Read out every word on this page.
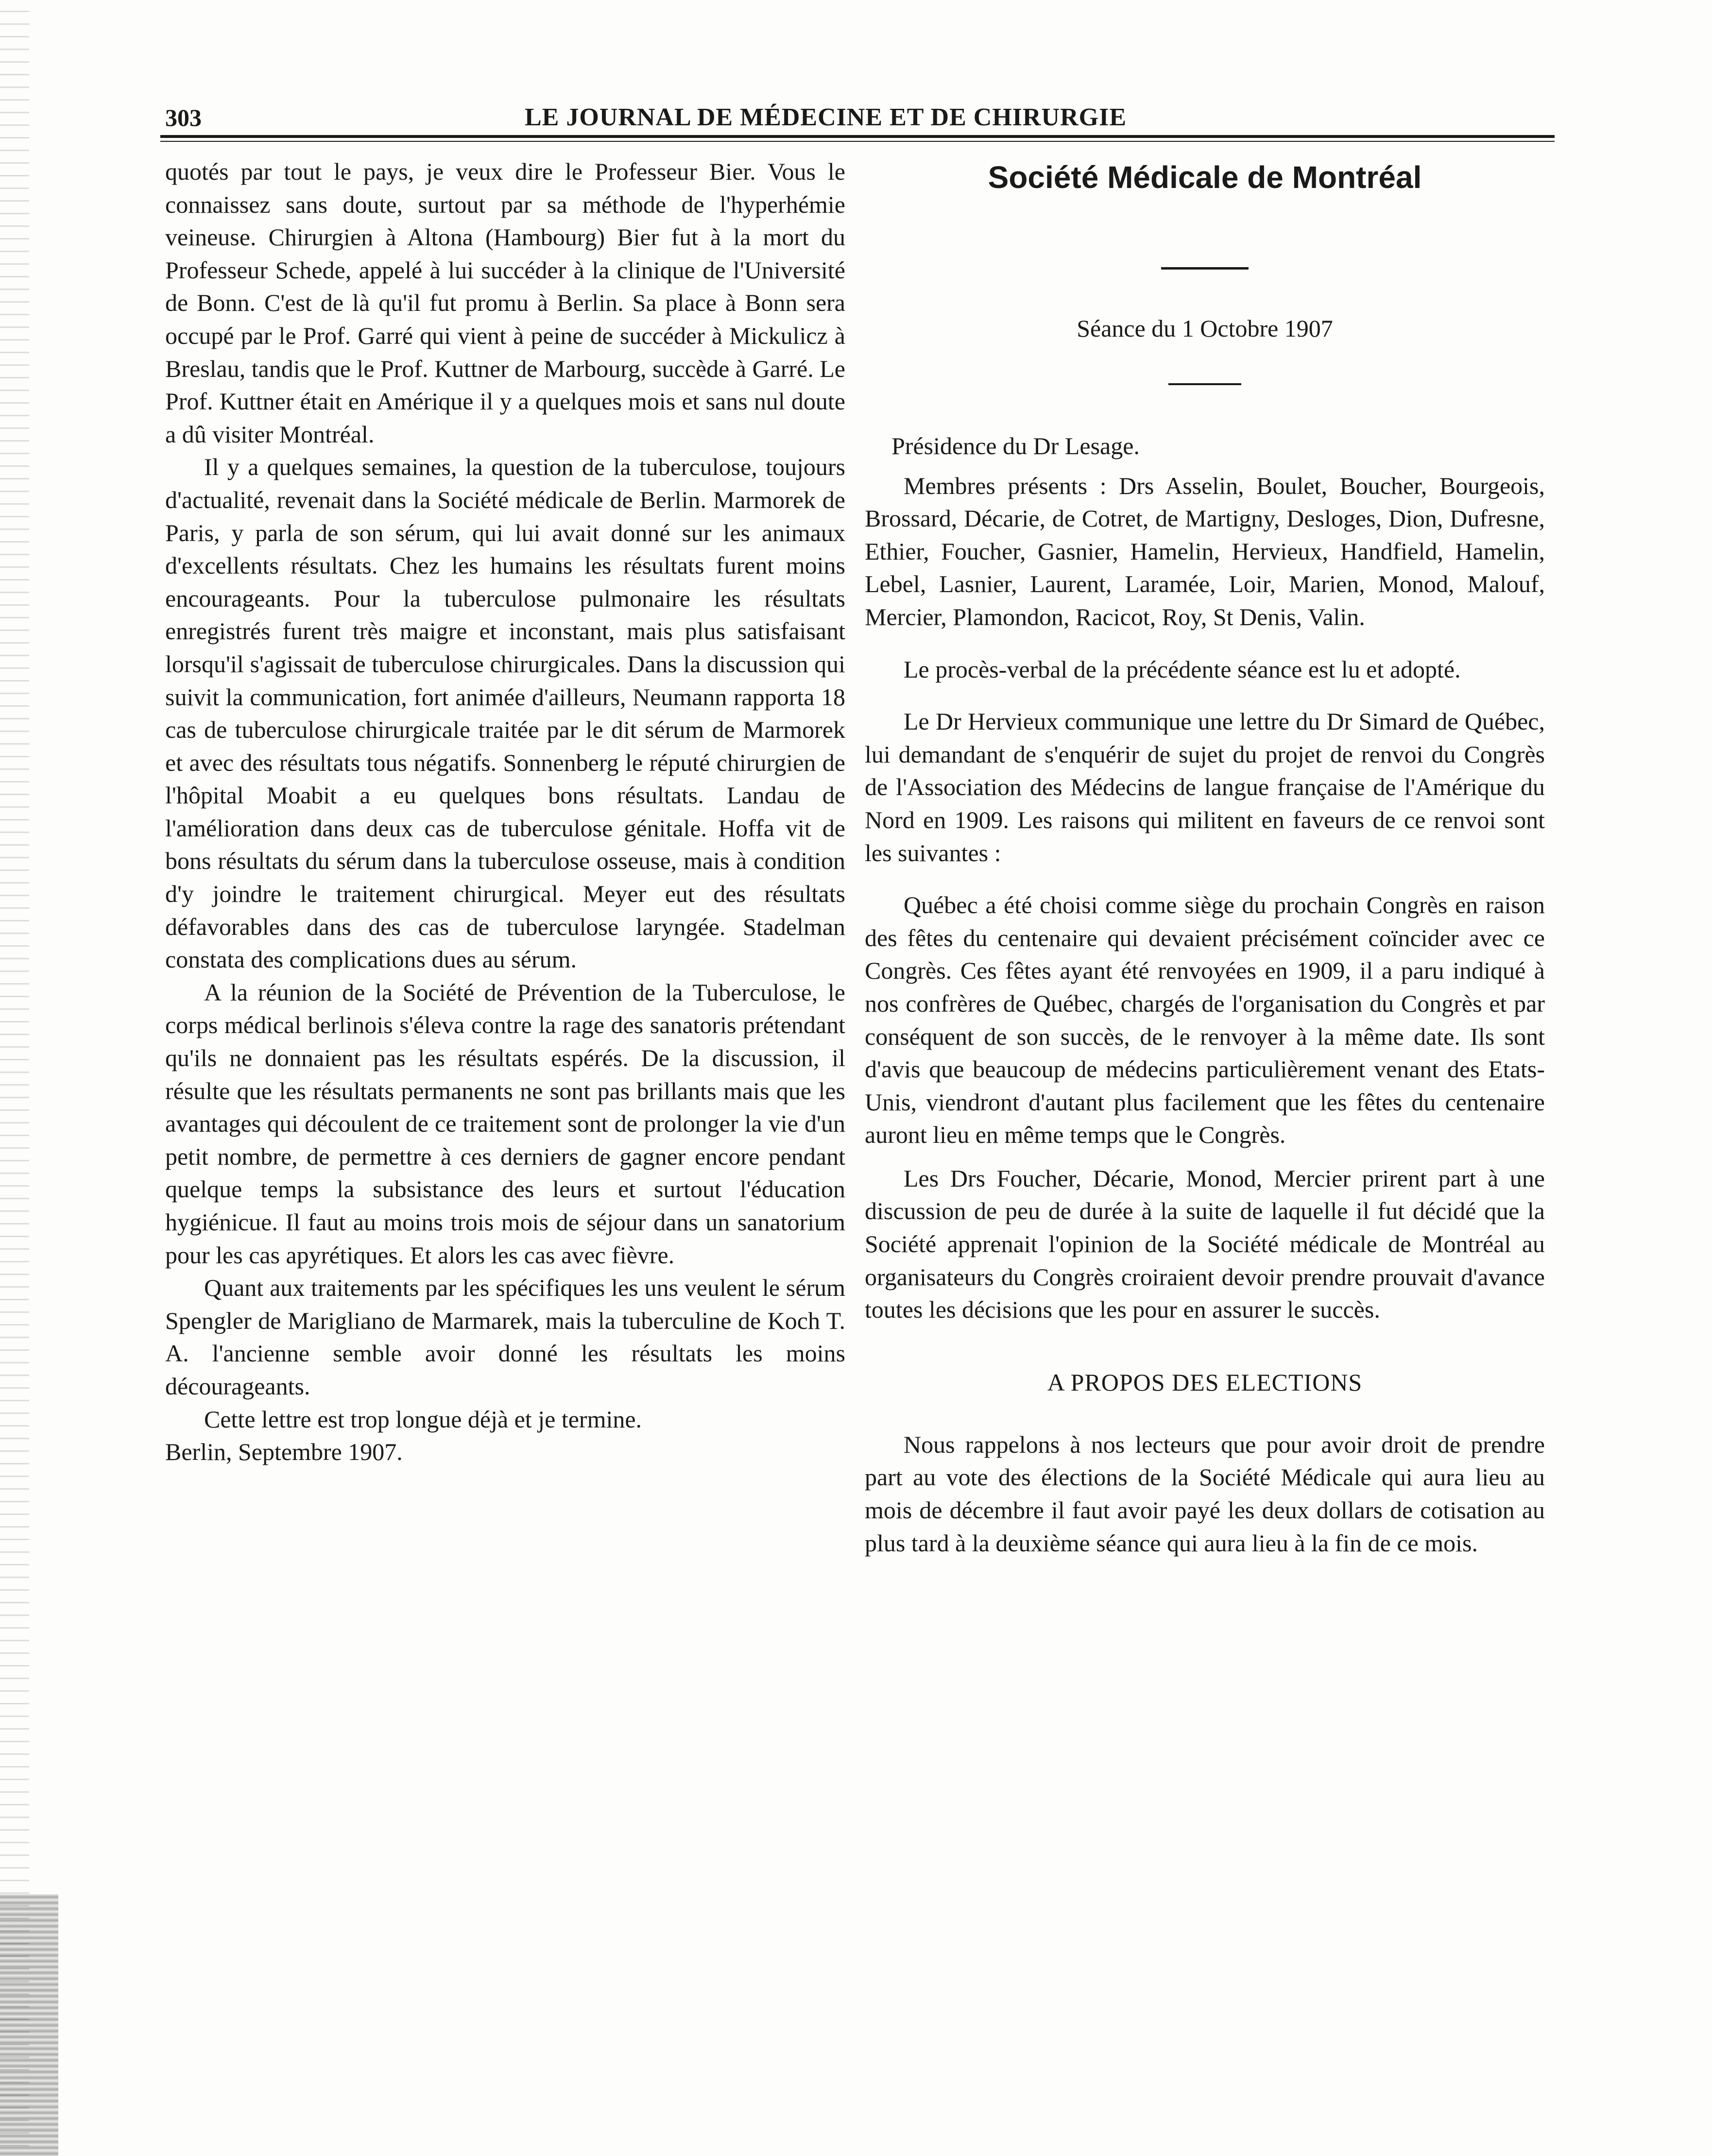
303	LE JOURNAL DE MÉDECINE ET DE CHIRURGIE

quotés par tout le pays, je veux dire le Professeur Bier. Vous le connaissez sans doute, surtout par sa méthode de l'hyperhémie veineuse. Chirurgien à Altona (Hambourg) Bier fut à la mort du Professeur Schede, appelé à lui succéder à la clinique de l'Université de Bonn. C'est de là qu'il fut promu à Berlin. Sa place à Bonn sera occupé par le Prof. Garré qui vient à peine de succéder à Mickulicz à Breslau, tandis que le Prof. Kuttner de Marbourg, succède à Garré. Le Prof. Kuttner était en Amérique il y a quelques mois et sans nul doute a dû visiter Montréal.

Il y a quelques semaines, la question de la tuberculose, toujours d'actualité, revenait dans la Société médicale de Berlin. Marmorek de Paris, y parla de son sérum, qui lui avait donné sur les animaux d'excellents résultats. Chez les humains les résultats furent moins encourageants. Pour la tuberculose pulmonaire les résultats enregistrés furent très maigre et inconstant, mais plus satisfaisant lorsqu'il s'agissait de tuberculose chirurgicales. Dans la discussion qui suivit la communication, fort animée d'ailleurs, Neumann rapporta 18 cas de tuberculose chirurgicale traitée par le dit sérum de Marmorek et avec des résultats tous négatifs. Sonnenberg le réputé chirurgien de l'hôpital Moabit a eu quelques bons résultats. Landau de l'amélioration dans deux cas de tuberculose génitale. Hoffa vit de bons résultats du sérum dans la tuberculose osseuse, mais à condition d'y joindre le traitement chirurgical. Meyer eut des résultats défavorables dans des cas de tuberculose laryngée. Stadelman constata des complications dues au sérum.

A la réunion de la Société de Prévention de la Tuberculose, le corps médical berlinois s'éleva contre la rage des sanatoris prétendant qu'ils ne donnaient pas les résultats espérés. De la discussion, il résulte que les résultats permanents ne sont pas brillants mais que les avantages qui découlent de ce traitement sont de prolonger la vie d'un petit nombre, de permettre à ces derniers de gagner encore pendant quelque temps la subsistance des leurs et surtout l'éducation hygiénicue. Il faut au moins trois mois de séjour dans un sanatorium pour les cas apyrétiques. Et alors les cas avec fièvre.

Quant aux traitements par les spécifiques les uns veulent le sérum Spengler de Marigliano de Marmarek, mais la tuberculine de Koch T. A. l'ancienne semble avoir donné les résultats les moins décourageants.

Cette lettre est trop longue déjà et je termine.

Berlin, Septembre 1907.

Société Médicale de Montréal
Séance du 1 Octobre 1907

Présidence du Dr Lesage.

Membres présents : Drs Asselin, Boulet, Boucher, Bourgeois, Brossard, Décarie, de Cotret, de Martigny, Desloges, Dion, Dufresne, Ethier, Foucher, Gasnier, Hamelin, Hervieux, Handfield, Hamelin, Lebel, Lasnier, Laurent, Laramée, Loir, Marien, Monod, Malouf, Mercier, Plamondon, Racicot, Roy, St Denis, Valin.

Le procès-verbal de la précédente séance est lu et adopté.

Le Dr Hervieux communique une lettre du Dr Simard de Québec, lui demandant de s'enquérir de sujet du projet de renvoi du Congrès de l'Association des Médecins de langue française de l'Amérique du Nord en 1909. Les raisons qui militent en faveurs de ce renvoi sont les suivantes :

Québec a été choisi comme siège du prochain Congrès en raison des fêtes du centenaire qui devaient précisément coïncider avec ce Congrès. Ces fêtes ayant été renvoyées en 1909, il a paru indiqué à nos confrères de Québec, chargés de l'organisation du Congrès et par conséquent de son succès, de le renvoyer à la même date. Ils sont d'avis que beaucoup de médecins particulièrement venant des Etats-Unis, viendront d'autant plus facilement que les fêtes du centenaire auront lieu en même temps que le Congrès.

Les Drs Foucher, Décarie, Monod, Mercier prirent part à une discussion de peu de durée à la suite de laquelle il fut décidé que la Société apprenait l'opinion de la Société médicale de Montréal au organisateurs du Congrès croiraient devoir prendre prouvait d'avance toutes les décisions que les pour en assurer le succès.

A PROPOS DES ELECTIONS

Nous rappelons à nos lecteurs que pour avoir droit de prendre part au vote des élections de la Société Médicale qui aura lieu au mois de décembre il faut avoir payé les deux dollars de cotisation au plus tard à la deuxième séance qui aura lieu à la fin de ce mois.
